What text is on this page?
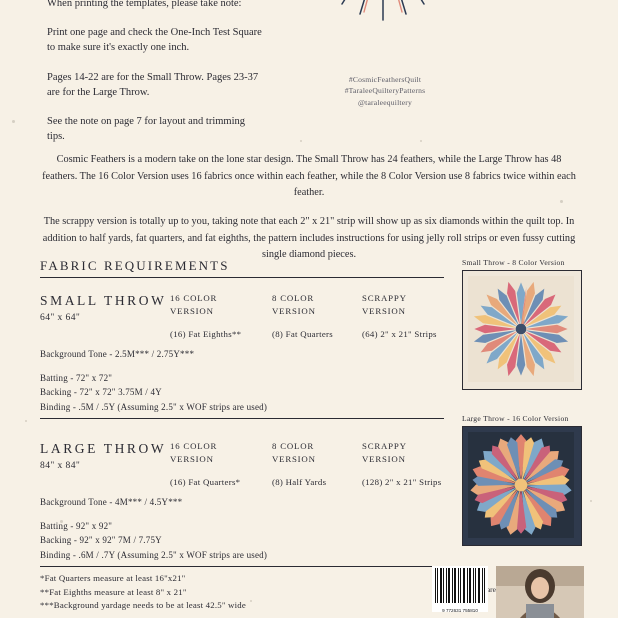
When printing the templates, please take note:

Print one page and check the One-Inch Test Square to make sure it's exactly one inch.

Pages 14-22 are for the Small Throw. Pages 23-37 are for the Large Throw.

See the note on page 7 for layout and trimming tips.

#CosmicFeathersQuilt
#TaraleeQuilteryPatterns
@taraleequiltery

Cosmic Feathers is a modern take on the lone star design. The Small Throw has 24 feathers, while the Large Throw has 48 feathers. The 16 Color Version uses 16 fabrics once within each feather, while the 8 Color Version use 8 fabrics twice within each feather.

The scrappy version is totally up to you, taking note that each 2" x 21" strip will show up as six diamonds within the quilt top. In addition to half yards, fat quarters, and fat eighths, the pattern includes instructions for using jelly roll strips or even fussy cutting single diamond pieces.

FABRIC REQUIREMENTS
SMALL THROW
64" x 64"
16 COLOR VERSION
(16) Fat Eighths**
8 COLOR VERSION
(8) Fat Quarters
SCRAPPY VERSION
(64) 2" x 21" Strips
Background Tone - 2.5M*** / 2.75Y***
Batting - 72" x 72"
Backing - 72" x 72" 3.75M / 4Y
Binding - .5M / .5Y (Assuming 2.5" x WOF strips are used)
LARGE THROW
84" x 84"
16 COLOR VERSION
(16) Fat Quarters*
8 COLOR VERSION
(8) Half Yards
SCRAPPY VERSION
(128) 2" x 21" Strips
Background Tone - 4M*** / 4.5Y***
Batting - 92" x 92"
Backing - 92" x 92" 7M / 7.75Y
Binding - .6M / .7Y (Assuming 2.5" x WOF strips are used)
*Fat Quarters measure at least 16"x21"
**Fat Eighths measure at least 8" x 21"
***Background yardage needs to be at least 42.5" wide
Small Throw - 8 Color Version
Large Throw - 16 Color Version
are
9 772631 755810
